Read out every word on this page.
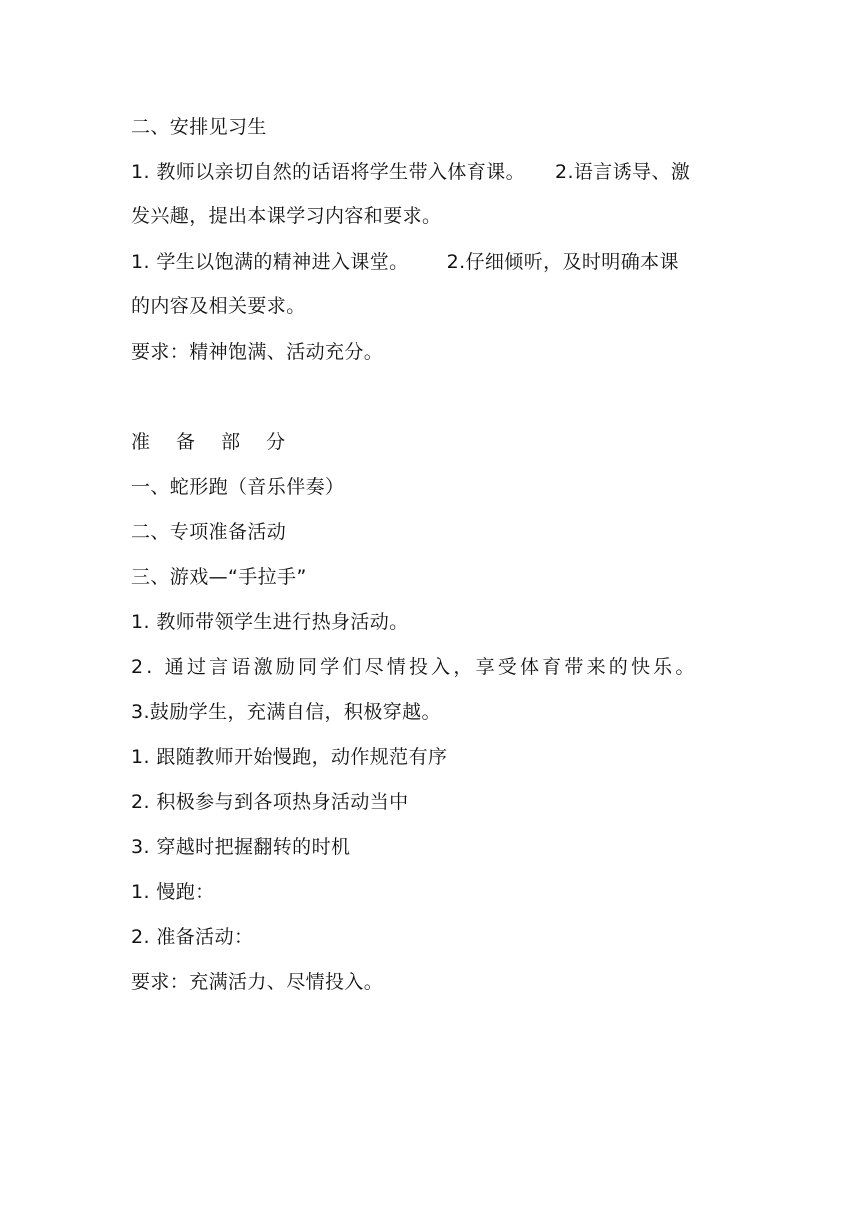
二、安排见习生
1. 教师以亲切自然的话语将学生带入体育课。 2.语言诱导、激
发兴趣，提出本课学习内容和要求。
1. 学生以饱满的精神进入课堂。 2.仔细倾听，及时明确本课
的内容及相关要求。
要求：精神饱满、活动充分。
准 备 部 分
一、蛇形跑（音乐伴奏）
二、专项准备活动
三、游戏—“手拉手”
1. 教师带领学生进行热身活动。
2. 通过言语激励同学们尽情投入，享受体育带来的快乐。
3.鼓励学生，充满自信，积极穿越。
1. 跟随教师开始慢跑，动作规范有序
2. 积极参与到各项热身活动当中
3. 穿越时把握翻转的时机
1. 慢跑：
2. 准备活动：
要求：充满活力、尽情投入。
